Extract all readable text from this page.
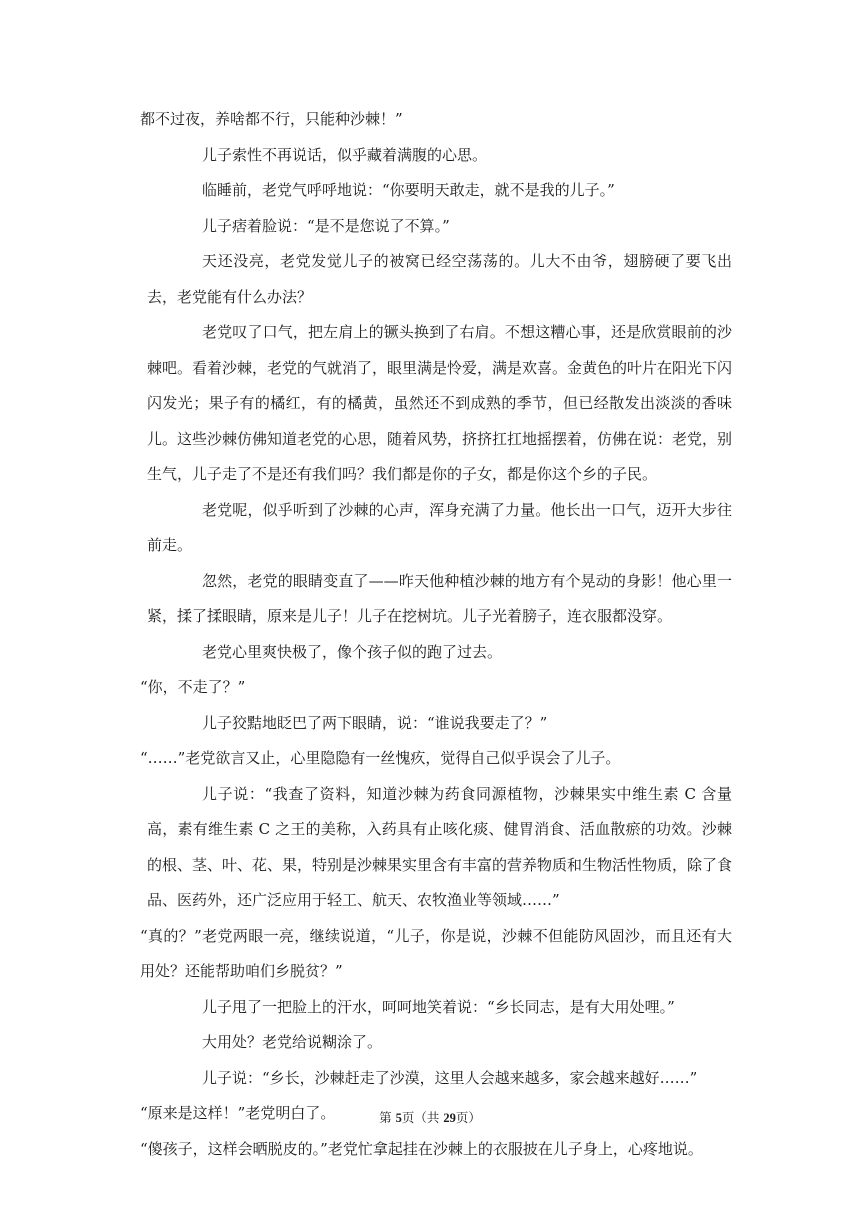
都不过夜，养啥都不行，只能种沙棘！”

儿子索性不再说话，似乎藏着满腹的心思。

临睡前，老党气呼呼地说：“你要明天敢走，就不是我的儿子。”

儿子痞着脸说：“是不是您说了不算。”

天还没亮，老党发觉儿子的被窝已经空荡荡的。儿大不由爷，翅膀硬了要飞出去，老党能有什么办法？

老党叹了口气，把左肩上的镢头换到了右肩。不想这糟心事，还是欣赏眼前的沙棘吧。看着沙棘，老党的气就消了，眼里满是怜爱，满是欢喜。金黄色的叶片在阳光下闪闪发光；果子有的橘红，有的橘黄，虽然还不到成熟的季节，但已经散发出淡淡的香味儿。这些沙棘仿佛知道老党的心思，随着风势，挤挤扛扛地摇摆着，仿佛在说：老党，别生气，儿子走了不是还有我们吗？我们都是你的子女，都是你这个乡的子民。

老党呢，似乎听到了沙棘的心声，浑身充满了力量。他长出一口气，迈开大步往前走。

忽然，老党的眼睛变直了——昨天他种植沙棘的地方有个晃动的身影！他心里一紧，揉了揉眼睛，原来是儿子！儿子在挖树坑。儿子光着膀子，连衣服都没穿。

老党心里爽快极了，像个孩子似的跑了过去。

“你，不走了？”

儿子狡黠地眨巴了两下眼睛，说：“谁说我要走了？”

“……”老党欲言又止，心里隐隐有一丝愧疚，觉得自己似乎误会了儿子。

儿子说：“我查了资料，知道沙棘为药食同源植物，沙棘果实中维生素 C 含量高，素有维生素 C 之王的美称，入药具有止咳化痰、健胃消食、活血散瘀的功效。沙棘的根、茎、叶、花、果，特别是沙棘果实里含有丰富的营养物质和生物活性物质，除了食品、医药外，还广泛应用于轻工、航天、农牧渔业等领域……”

“真的？”老党两眼一亮，继续说道，“儿子，你是说，沙棘不但能防风固沙，而且还有大用处？还能帮助咱们乡脱贫？”

儿子甩了一把脸上的汗水，呵呵地笑着说：“乡长同志，是有大用处哩。”

大用处？老党给说糊涂了。

儿子说：“乡长，沙棘赶走了沙漠，这里人会越来越多，家会越来越好……”

“原来是这样！”老党明白了。

“傻孩子，这样会晒脱皮的。”老党忙拿起挂在沙棘上的衣服披在儿子身上，心疼地说。

第 5页（共 29页）
